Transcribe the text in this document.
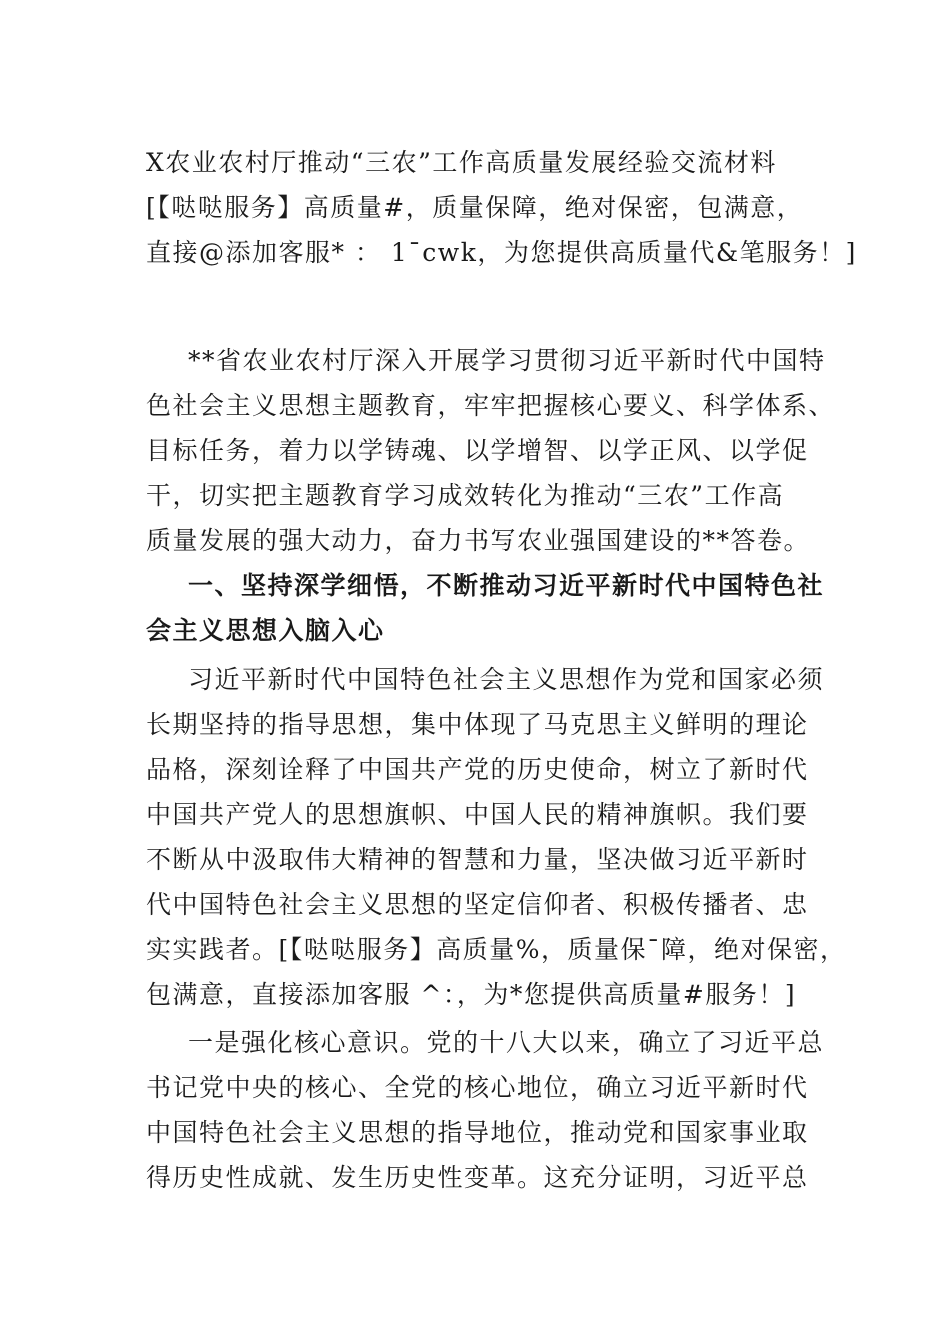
X农业农村厅推动“三农”工作高质量发展经验交流材料
[【哒哒服务】高质量#，质量保障，绝对保密，包满意，
直接@添加客服* ： 1¯cwk，为您提供高质量代&笔服务！]
**省农业农村厅深入开展学习贯彻习近平新时代中国特
色社会主义思想主题教育，牢牢把握核心要义、科学体系、
目标任务，着力以学铸魂、以学增智、以学正风、以学促
干，切实把主题教育学习成效转化为推动“三农”工作高
质量发展的强大动力，奋力书写农业强国建设的**答卷。
一、坚持深学细悟，不断推动习近平新时代中国特色社
会主义思想入脑入心
习近平新时代中国特色社会主义思想作为党和国家必须
长期坚持的指导思想，集中体现了马克思主义鲜明的理论
品格，深刻诠释了中国共产党的历史使命，树立了新时代
中国共产党人的思想旗帜、中国人民的精神旗帜。我们要
不断从中汲取伟大精神的智慧和力量，坚决做习近平新时
代中国特色社会主义思想的坚定信仰者、积极传播者、忠
实实践者。[【哒哒服务】高质量%，质量保¯障，绝对保密，
包满意，直接添加客服 ^：，为*您提供高质量#服务！]
一是强化核心意识。党的十八大以来，确立了习近平总
书记党中央的核心、全党的核心地位，确立习近平新时代
中国特色社会主义思想的指导地位，推动党和国家事业取
得历史性成就、发生历史性变革。这充分证明，习近平总
